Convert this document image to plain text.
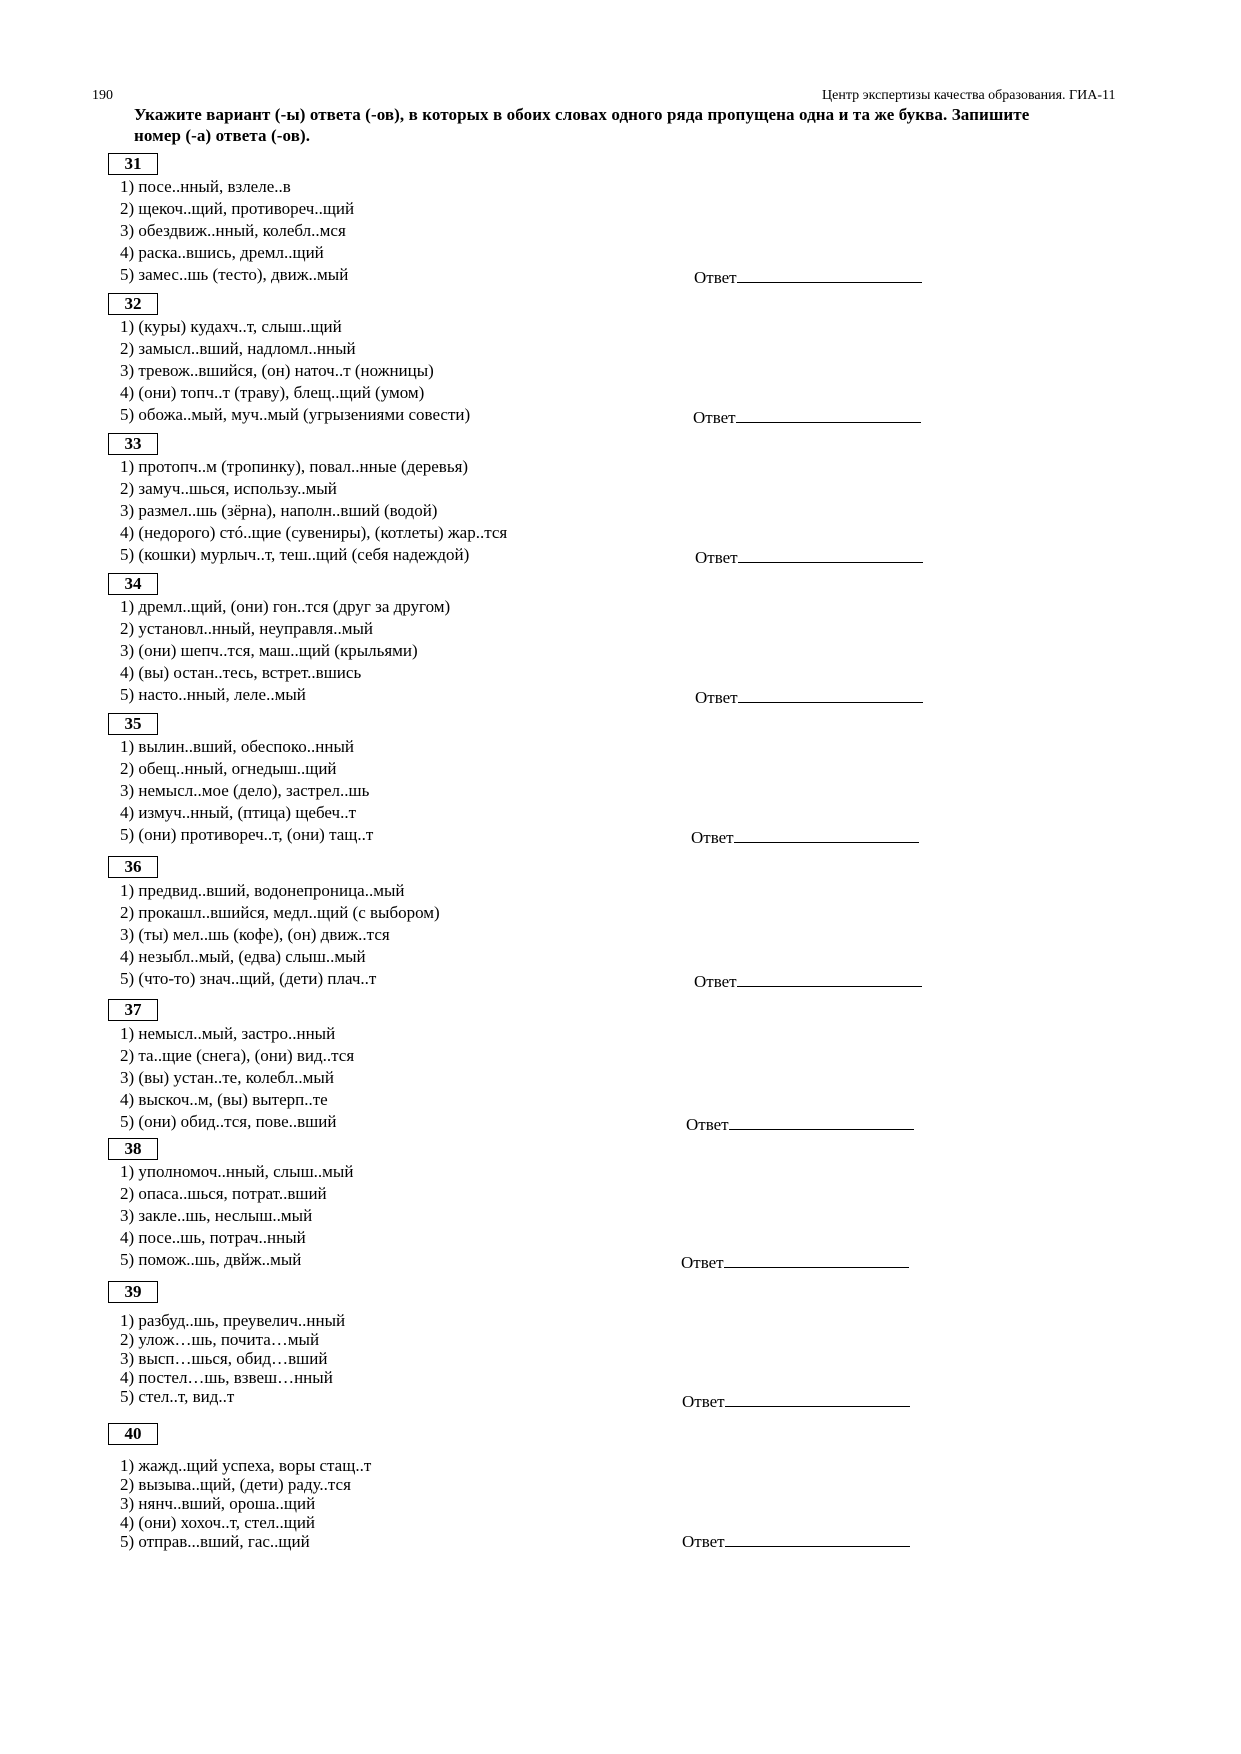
190	Центр экспертизы качества образования. ГИА-11
Укажите вариант (-ы) ответа (-ов), в которых в обоих словах одного ряда пропущена одна и та же буква. Запишите номер (-а) ответа (-ов).
31
1) посе..нный, взлеле..в
2) щекоч..щий, противореч..щий
3) обездвиж..нный, колебл..мся
4) раска..вшись, дремл..щий
5) замес..шь (тесто), движ..мый	Ответ
32
1) (куры) кудахч..т, слыш..щий
2) замысл..вший, надломл..нный
3) тревож..вшийся, (он) наточ..т (ножницы)
4) (они) топч..т (траву), блещ..щий (умом)
5) обожа..мый, муч..мый (угрызениями совести)	Ответ
33
1) протопч..м (тропинку), повал..нные (деревья)
2) замуч..шься, использу..мый
3) размел..шь (зёрна), наполн..вший (водой)
4) (недорого) стó..щие (сувениры), (котлеты) жар..тся
5) (кошки) мурлыч..т, теш..щий (себя надеждой)	Ответ
34
1) дремл..щий, (они) гон..тся (друг за другом)
2) установл..нный, неуправля..мый
3) (они) шепч..тся, маш..щий (крыльями)
4) (вы) остан..тесь, встрет..вшись
5) насто..нный, леле..мый	Ответ
35
1) вылин..вший, обеспоко..нный
2) обещ..нный, огнедыш..щий
3) немысл..мое (дело), застрел..шь
4) измуч..нный, (птица) щебеч..т
5) (они) противореч..т, (они) тащ..т	Ответ
36
1) предвид..вший, водонепроница..мый
2) прокашл..вшийся, медл..щий (с выбором)
3) (ты) мел..шь (кофе), (он) движ..тся
4) незыбл..мый, (едва) слыш..мый
5) (что-то) знач..щий, (дети) плач..т	Ответ
37
1) немысл..мый, застро..нный
2) та..щие (снега), (они) вид..тся
3) (вы) устан..те, колебл..мый
4) выскоч..м, (вы) вытерп..те
5) (они) обид..тся, пове..вший	Ответ
38
1) уполномоч..нный, слыш..мый
2) опаса..шься, потрат..вший
3) закле..шь, неслыш..мый
4) посе..шь, потрач..нный
5) помож..шь, двйж..мый	Ответ
39
1) разбуд..шь, преувелич..нный
2) улож…шь, почита…мый
3) высп…шься, обид…вший
4) постел…шь, взвеш…нный
5) стел..т, вид..т	Ответ
40
1) жажд..щий успеха, воры стащ..т
2) вызыва..щий, (дети) раду..тся
3) нянч..вший, ороша..щий
4) (они) хохоч..т, стел..щий
5) отправ...вший, гас..щий	Ответ
